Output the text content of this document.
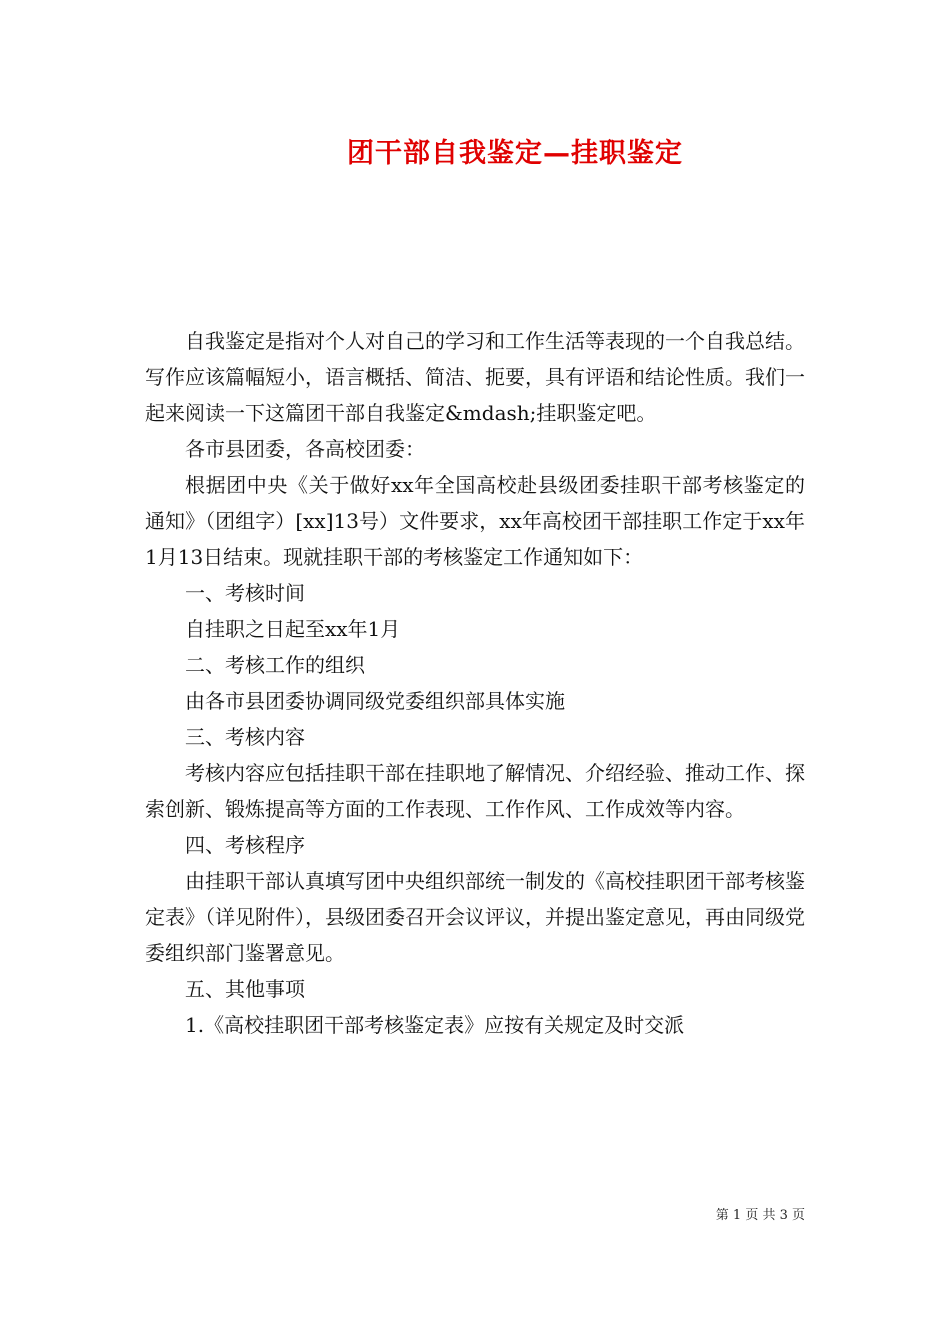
团干部自我鉴定—挂职鉴定

自我鉴定是指对个人对自己的学习和工作生活等表现的一个自我总结。写作应该篇幅短小，语言概括、简洁、扼要，具有评语和结论性质。我们一起来阅读一下这篇团干部自我鉴定&mdash;挂职鉴定吧。

各市县团委，各高校团委：

根据团中央《关于做好xx年全国高校赴县级团委挂职干部考核鉴定的通知》（团组字）[xx]13号）文件要求，xx年高校团干部挂职工作定于xx年1月13日结束。现就挂职干部的考核鉴定工作通知如下：

一、考核时间

自挂职之日起至xx年1月

二、考核工作的组织

由各市县团委协调同级党委组织部具体实施

三、考核内容

考核内容应包括挂职干部在挂职地了解情况、介绍经验、推动工作、探索创新、锻炼提高等方面的工作表现、工作作风、工作成效等内容。

四、考核程序

由挂职干部认真填写团中央组织部统一制发的《高校挂职团干部考核鉴定表》（详见附件），县级团委召开会议评议，并提出鉴定意见，再由同级党委组织部门鉴署意见。

五、其他事项

1.《高校挂职团干部考核鉴定表》应按有关规定及时交派

第 1 页 共 3 页
